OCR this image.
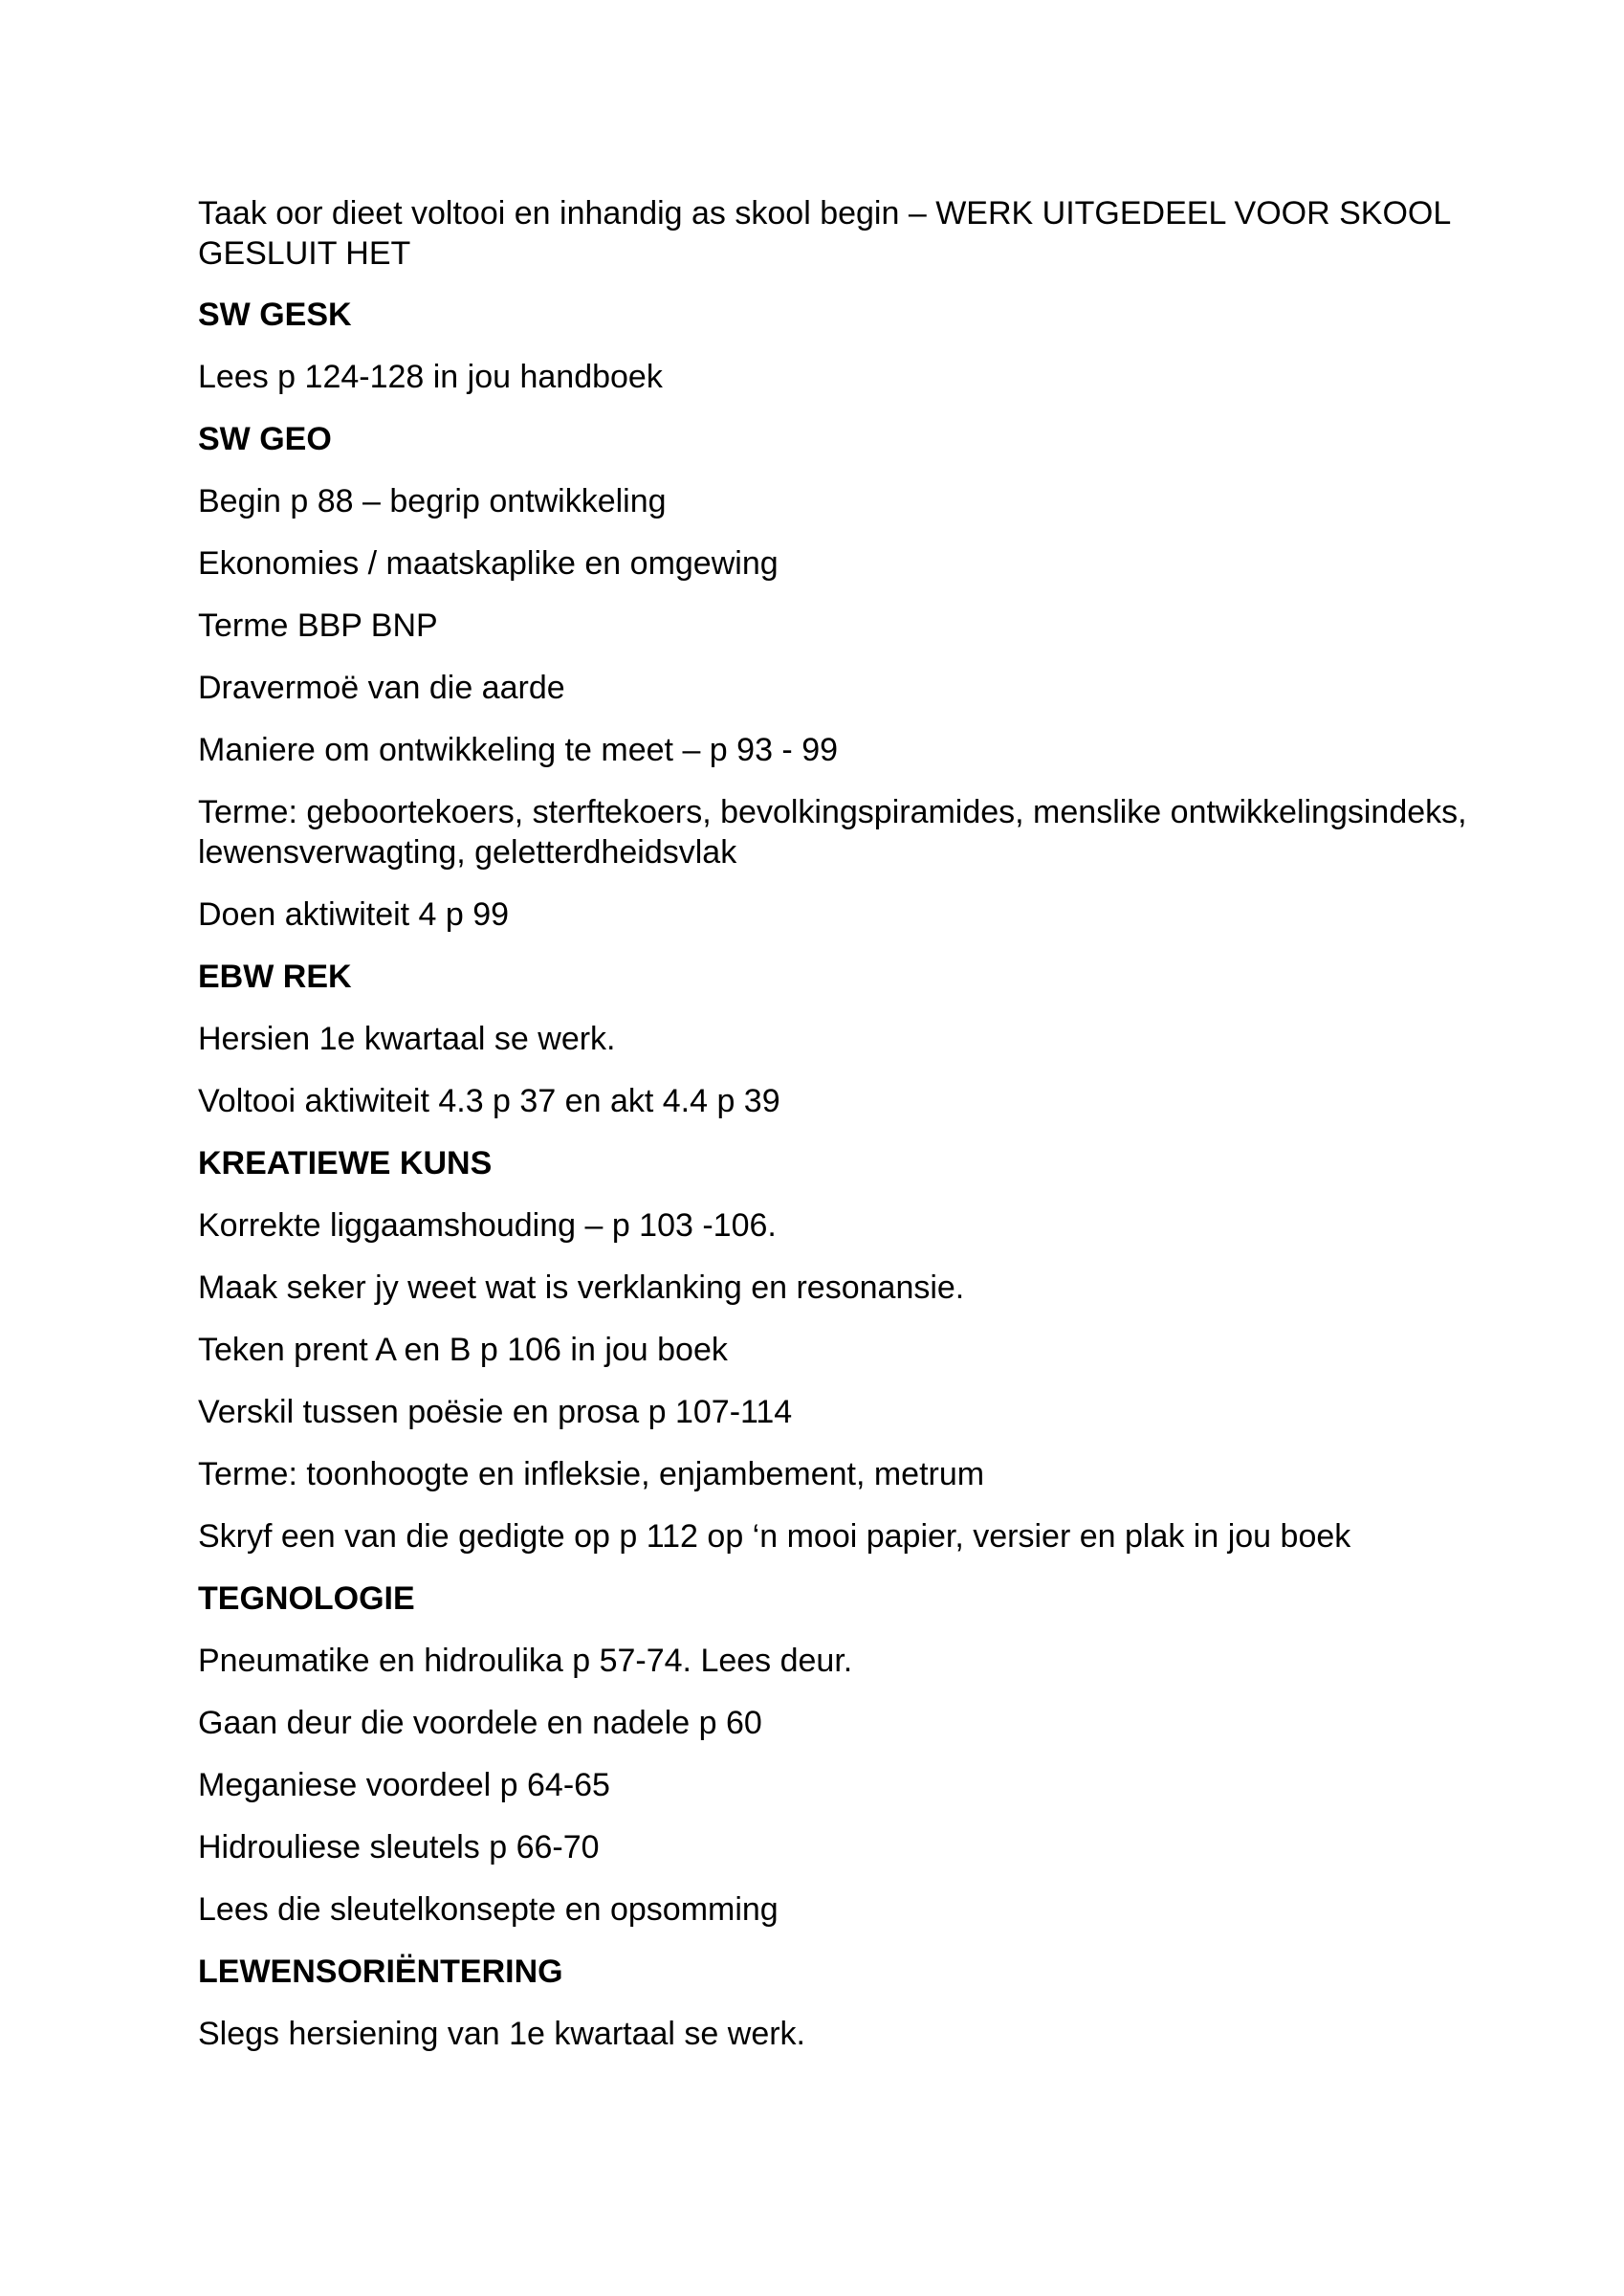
Taak oor dieet voltooi en inhandig as skool begin – WERK UITGEDEEL VOOR SKOOL GESLUIT HET

SW GESK

Lees p 124-128 in jou handboek

SW GEO

Begin p 88 – begrip ontwikkeling

Ekonomies / maatskaplike en omgewing

Terme BBP BNP

Dravermoë van die aarde

Maniere om ontwikkeling te meet – p 93 - 99

Terme: geboortekoers, sterftekoers, bevolkingspiramides, menslike ontwikkelingsindeks, lewensverwagting, geletterdheidsvlak

Doen aktiwiteit 4 p 99

EBW REK

Hersien 1e kwartaal se werk.

Voltooi aktiwiteit 4.3 p 37 en akt 4.4 p 39

KREATIEWE KUNS

Korrekte liggaamshouding – p 103 -106.

Maak seker jy weet wat is verklanking en resonansie.

Teken prent A en B p 106 in jou boek

Verskil tussen poësie en prosa p 107-114

Terme: toonhoogte en infleksie, enjambement, metrum

Skryf een van die gedigte op p 112 op ‘n mooi papier, versier en plak in jou boek

TEGNOLOGIE

Pneumatike en hidroulika p 57-74. Lees deur.

Gaan deur die voordele en nadele p 60

Meganiese voordeel p 64-65

Hidrouliese sleutels p 66-70

Lees die sleutelkonsepte en opsomming

LEWENSORIËNTERING

Slegs hersiening van 1e kwartaal se werk.
